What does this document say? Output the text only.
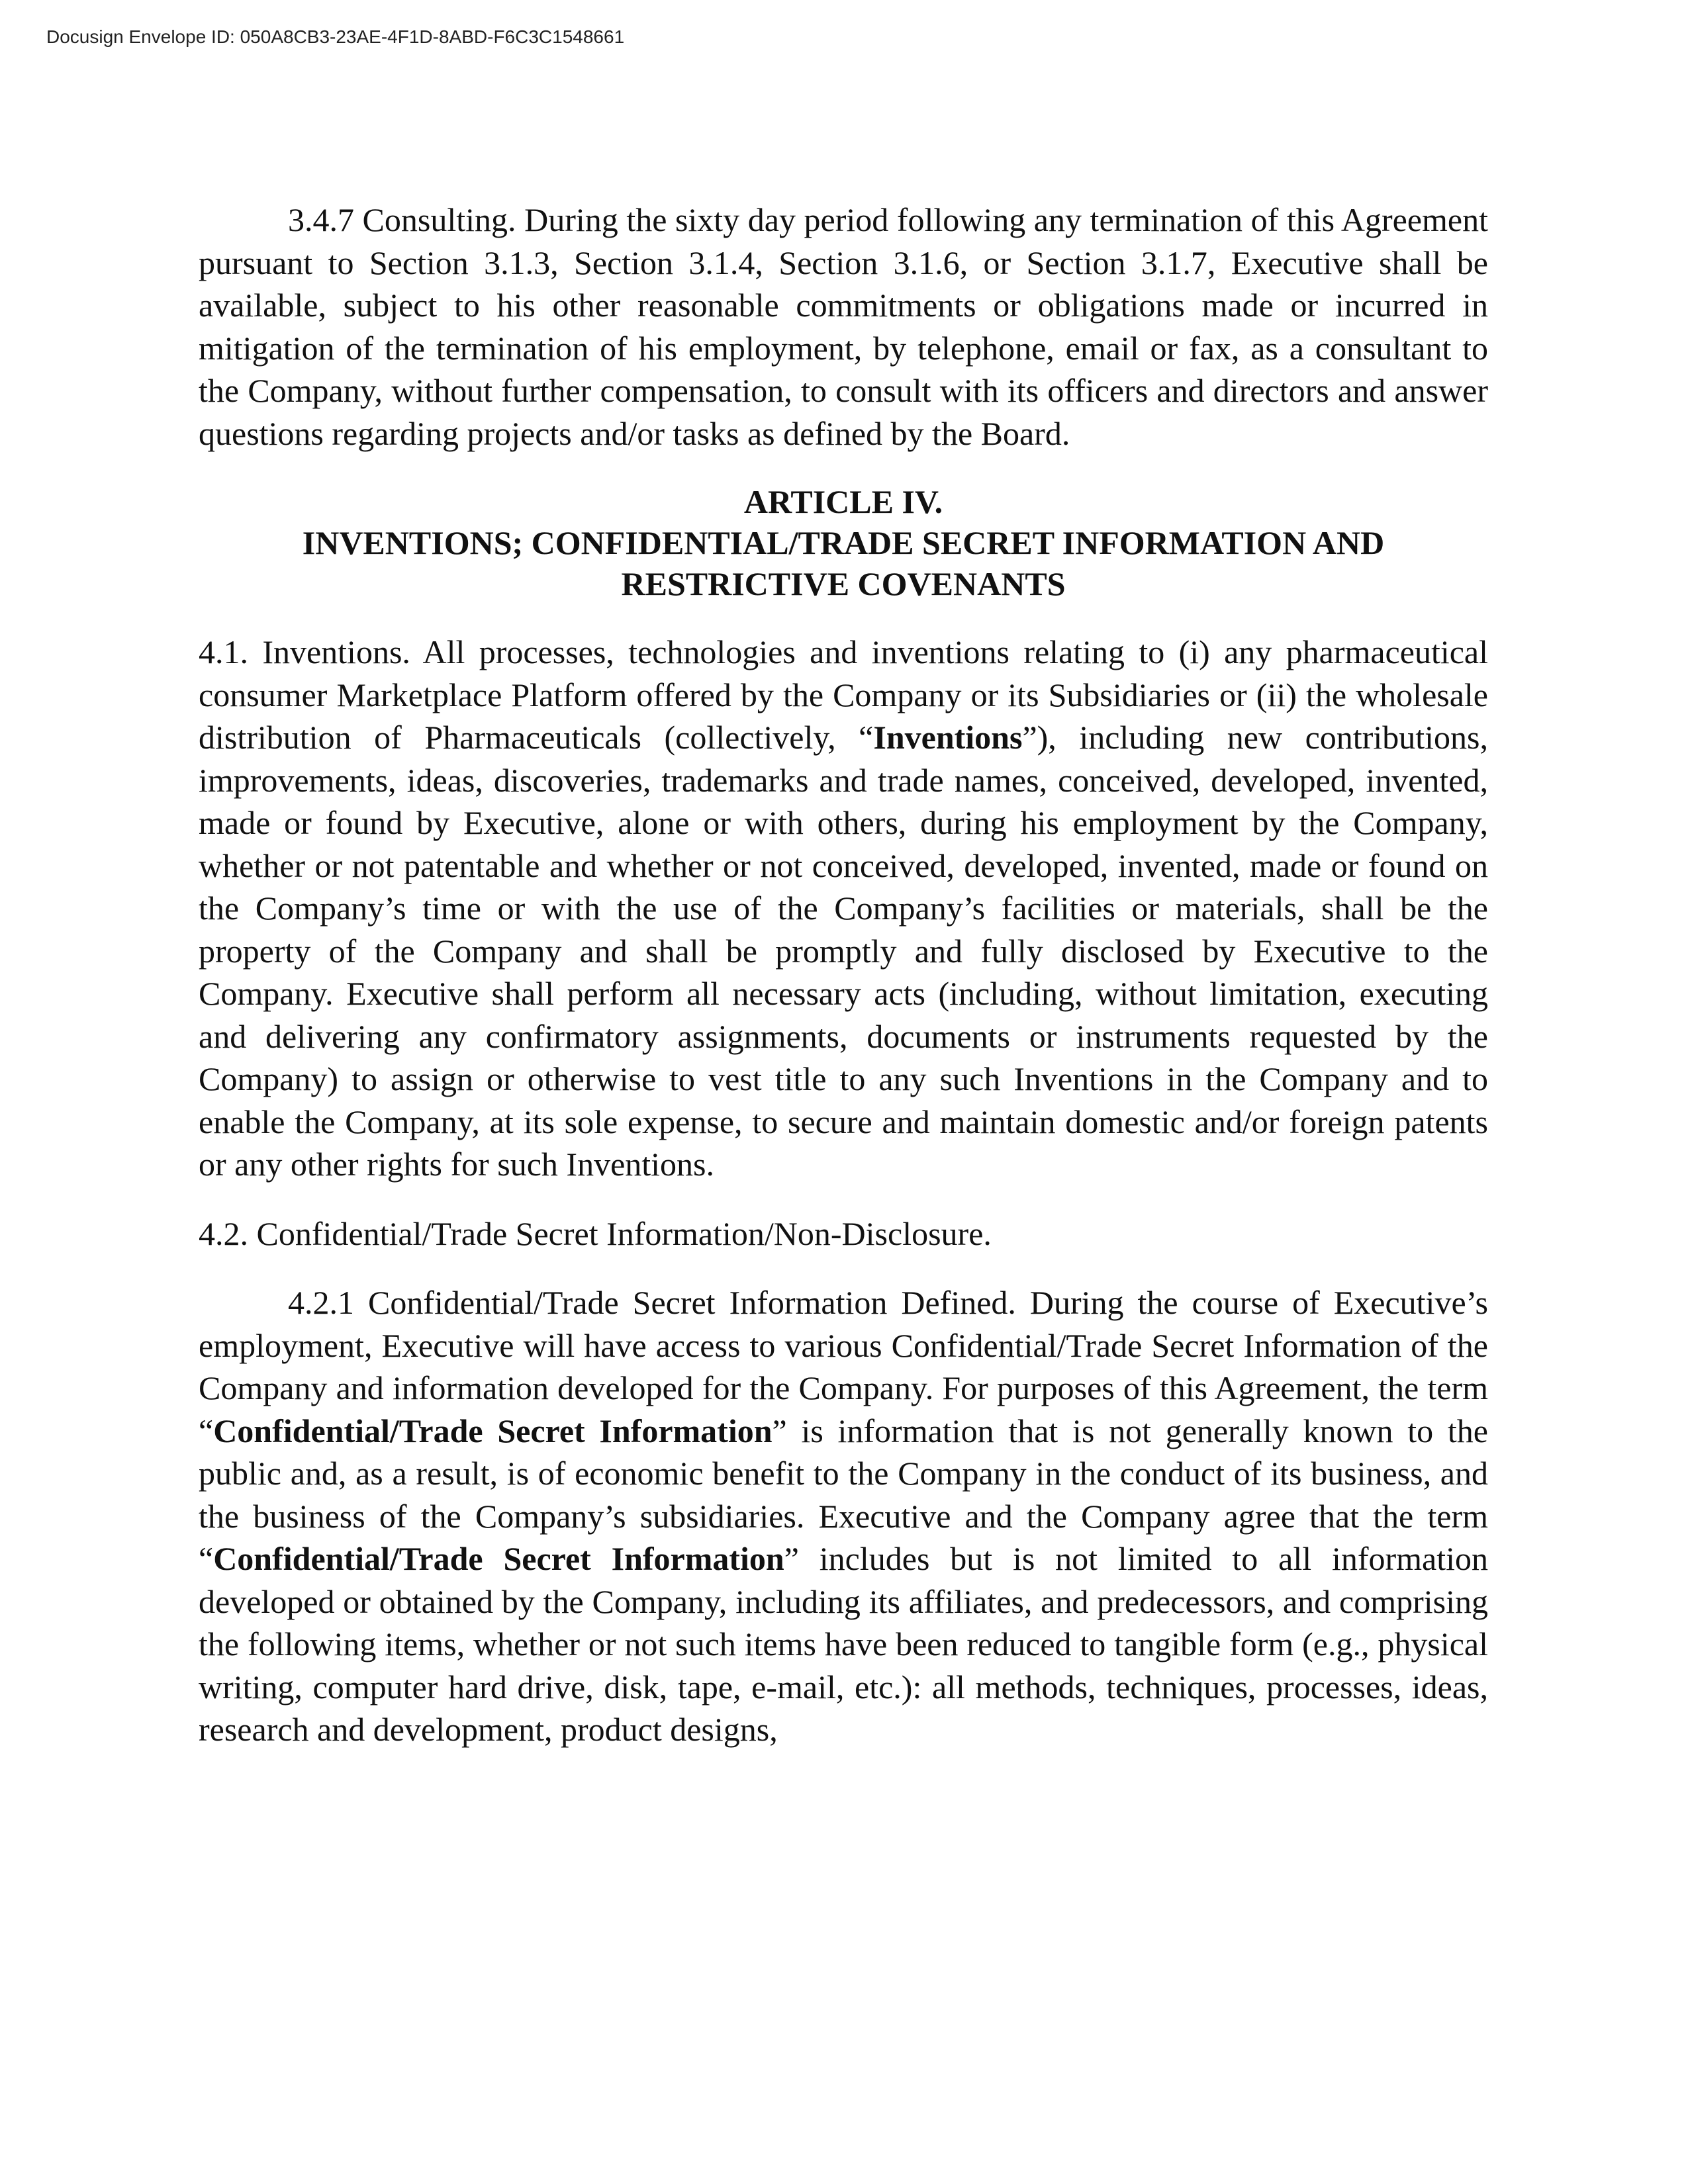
Docusign Envelope ID: 050A8CB3-23AE-4F1D-8ABD-F6C3C1548661

3.4.7 Consulting. During the sixty day period following any termination of this Agreement pursuant to Section 3.1.3, Section 3.1.4, Section 3.1.6, or Section 3.1.7, Executive shall be available, subject to his other reasonable commitments or obligations made or incurred in mitigation of the termination of his employment, by telephone, email or fax, as a consultant to the Company, without further compensation, to consult with its officers and directors and answer questions regarding projects and/or tasks as defined by the Board.

ARTICLE IV.
INVENTIONS; CONFIDENTIAL/TRADE SECRET INFORMATION AND
RESTRICTIVE COVENANTS

4.1. Inventions. All processes, technologies and inventions relating to (i) any pharmaceutical consumer Marketplace Platform offered by the Company or its Subsidiaries or (ii) the wholesale distribution of Pharmaceuticals (collectively, “Inventions”), including new contributions, improvements, ideas, discoveries, trademarks and trade names, conceived, developed, invented, made or found by Executive, alone or with others, during his employment by the Company, whether or not patentable and whether or not conceived, developed, invented, made or found on the Company’s time or with the use of the Company’s facilities or materials, shall be the property of the Company and shall be promptly and fully disclosed by Executive to the Company. Executive shall perform all necessary acts (including, without limitation, executing and delivering any confirmatory assignments, documents or instruments requested by the Company) to assign or otherwise to vest title to any such Inventions in the Company and to enable the Company, at its sole expense, to secure and maintain domestic and/or foreign patents or any other rights for such Inventions.

4.2. Confidential/Trade Secret Information/Non-Disclosure.

4.2.1 Confidential/Trade Secret Information Defined. During the course of Executive’s employment, Executive will have access to various Confidential/Trade Secret Information of the Company and information developed for the Company. For purposes of this Agreement, the term “Confidential/Trade Secret Information” is information that is not generally known to the public and, as a result, is of economic benefit to the Company in the conduct of its business, and the business of the Company’s subsidiaries. Executive and the Company agree that the term “Confidential/Trade Secret Information” includes but is not limited to all information developed or obtained by the Company, including its affiliates, and predecessors, and comprising the following items, whether or not such items have been reduced to tangible form (e.g., physical writing, computer hard drive, disk, tape, e-mail, etc.): all methods, techniques, processes, ideas, research and development, product designs,
